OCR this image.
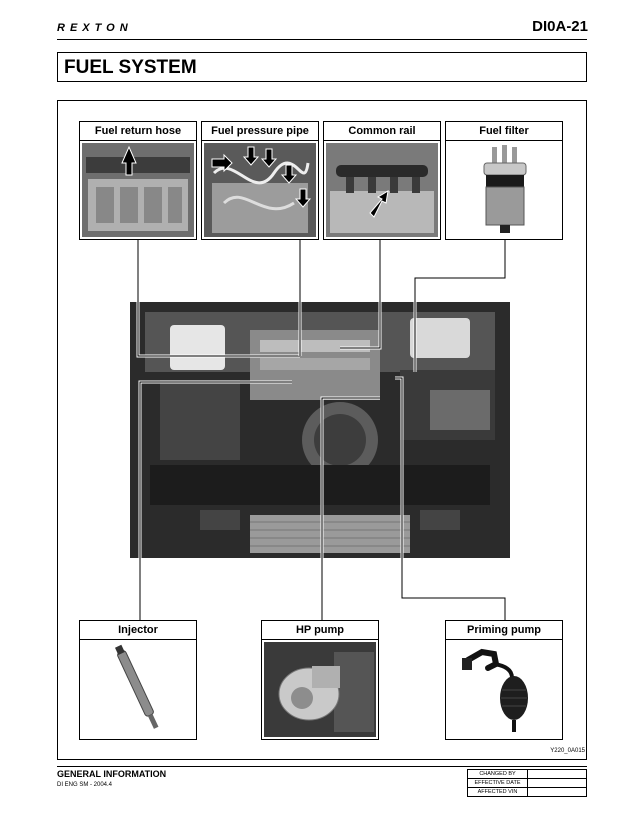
REXTON	DI0A-21
FUEL SYSTEM
Fuel return hose	Fuel pressure pipe	Common rail	Fuel filter
Injector	HP pump	Priming pump
Y220_0A015
GENERAL INFORMATION
DI ENG SM - 2004.4
CHANGED BY	
EFFECTIVE DATE	
AFFECTED VIN	
